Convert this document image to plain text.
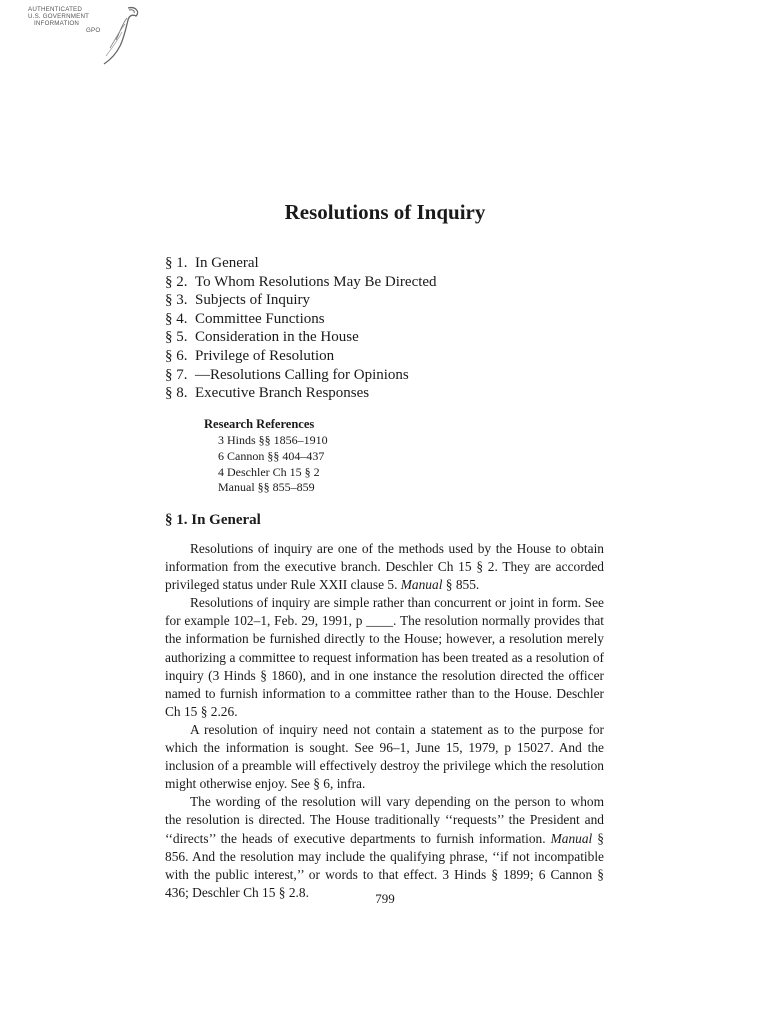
AUTHENTICATED
U.S. GOVERNMENT
INFORMATION
GPO
Resolutions of Inquiry
§ 1. In General
§ 2. To Whom Resolutions May Be Directed
§ 3. Subjects of Inquiry
§ 4. Committee Functions
§ 5. Consideration in the House
§ 6. Privilege of Resolution
§ 7. —Resolutions Calling for Opinions
§ 8. Executive Branch Responses
Research References
3 Hinds §§ 1856–1910
6 Cannon §§ 404–437
4 Deschler Ch 15 § 2
Manual §§ 855–859
§ 1. In General

Resolutions of inquiry are one of the methods used by the House to obtain information from the executive branch. Deschler Ch 15 § 2. They are accorded privileged status under Rule XXII clause 5. Manual § 855.

Resolutions of inquiry are simple rather than concurrent or joint in form. See for example 102–1, Feb. 29, 1991, p ____. The resolution normally provides that the information be furnished directly to the House; however, a resolution merely authorizing a committee to request information has been treated as a resolution of inquiry (3 Hinds § 1860), and in one instance the resolution directed the officer named to furnish information to a committee rather than to the House. Deschler Ch 15 § 2.26.

A resolution of inquiry need not contain a statement as to the purpose for which the information is sought. See 96–1, June 15, 1979, p 15027. And the inclusion of a preamble will effectively destroy the privilege which the resolution might otherwise enjoy. See § 6, infra.

The wording of the resolution will vary depending on the person to whom the resolution is directed. The House traditionally ‘‘requests’’ the President and ‘‘directs’’ the heads of executive departments to furnish information. Manual § 856. And the resolution may include the qualifying phrase, ‘‘if not incompatible with the public interest,’’ or words to that effect. 3 Hinds § 1899; 6 Cannon § 436; Deschler Ch 15 § 2.8.	799
